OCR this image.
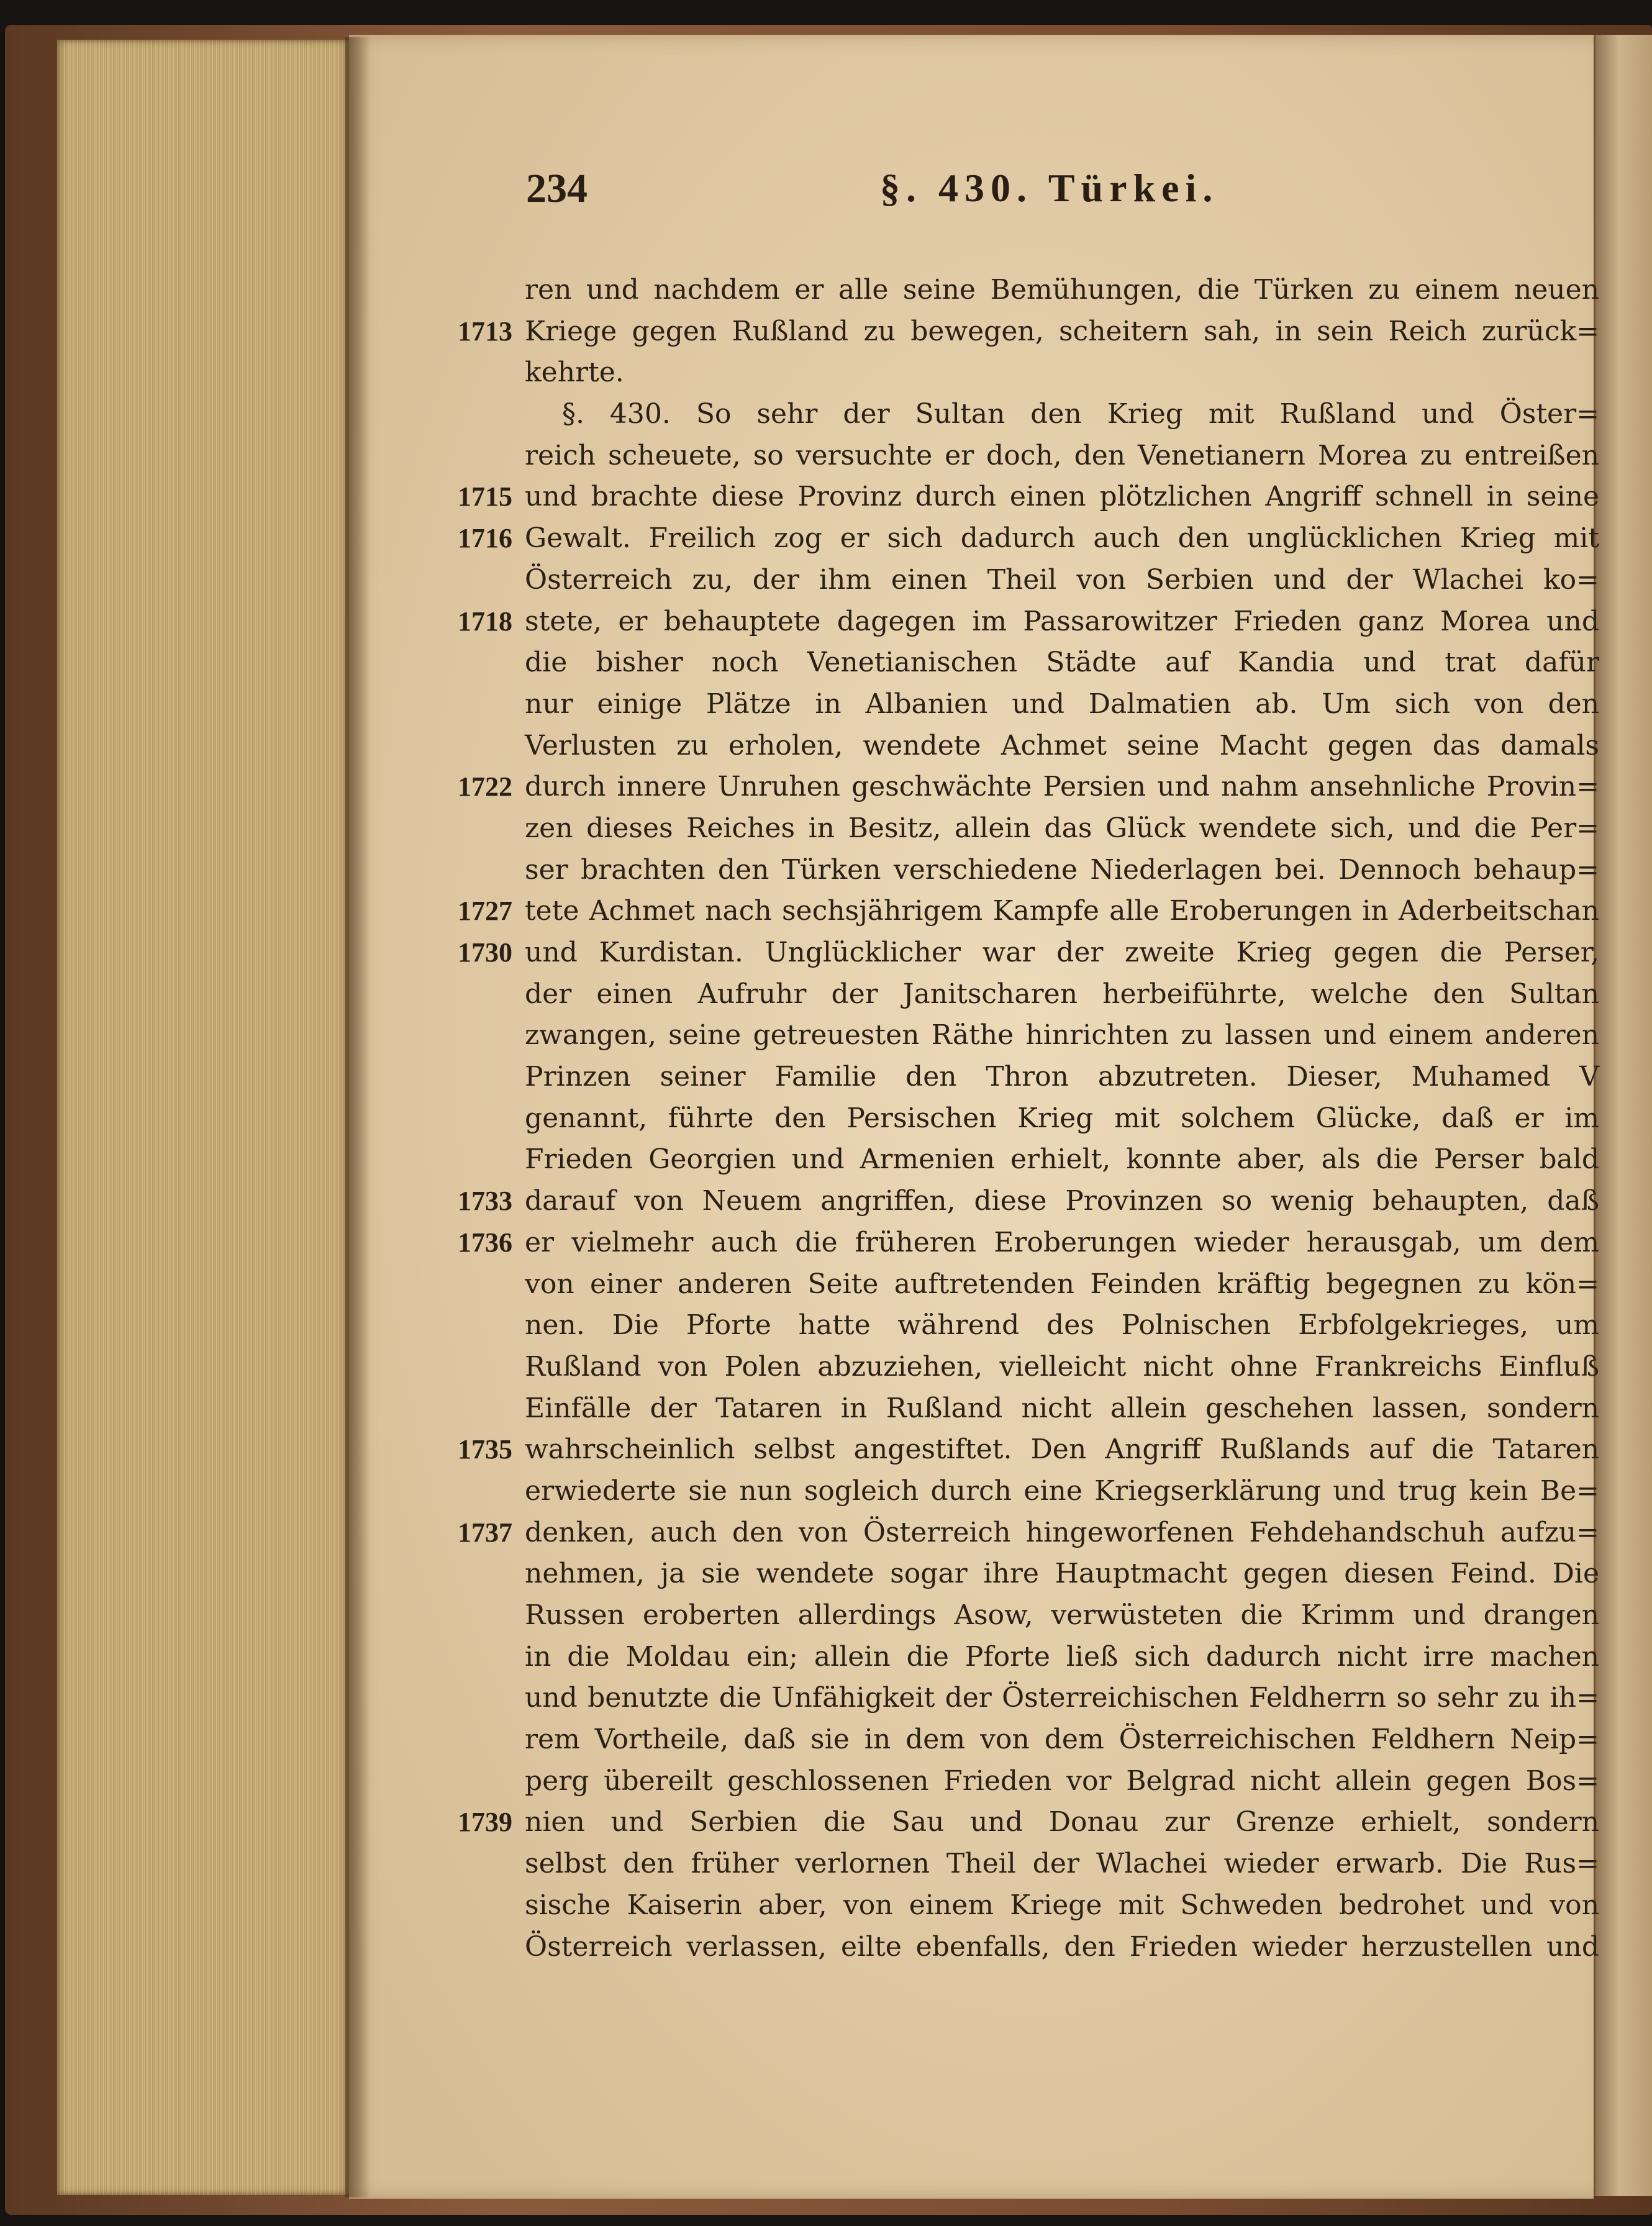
234	§. 430. Türkei.
ren und nachdem er alle seine Bemühungen, die Türken zu einem neuen
1713 Kriege gegen Rußland zu bewegen, scheitern sah, in sein Reich zurück=
kehrte.
§. 430. So sehr der Sultan den Krieg mit Rußland und Öster=
reich scheuete, so versuchte er doch, den Venetianern Morea zu entreißen
1715 und brachte diese Provinz durch einen plötzlichen Angriff schnell in seine
1716 Gewalt. Freilich zog er sich dadurch auch den unglücklichen Krieg mit
Österreich zu, der ihm einen Theil von Serbien und der Wlachei ko=
1718 stete, er behauptete dagegen im Passarowitzer Frieden ganz Morea und
die bisher noch Venetianischen Städte auf Kandia und trat dafür
nur einige Plätze in Albanien und Dalmatien ab. Um sich von den
Verlusten zu erholen, wendete Achmet seine Macht gegen das damals
1722 durch innere Unruhen geschwächte Persien und nahm ansehnliche Provin=
zen dieses Reiches in Besitz, allein das Glück wendete sich, und die Per=
ser brachten den Türken verschiedene Niederlagen bei. Dennoch behaup=
1727 tete Achmet nach sechsjährigem Kampfe alle Eroberungen in Aderbeitschan
1730 und Kurdistan. Unglücklicher war der zweite Krieg gegen die Perser,
der einen Aufruhr der Janitscharen herbeiführte, welche den Sultan
zwangen, seine getreuesten Räthe hinrichten zu lassen und einem anderen
Prinzen seiner Familie den Thron abzutreten. Dieser, Muhamed V
genannt, führte den Persischen Krieg mit solchem Glücke, daß er im
Frieden Georgien und Armenien erhielt, konnte aber, als die Perser bald
1733 darauf von Neuem angriffen, diese Provinzen so wenig behaupten, daß
1736 er vielmehr auch die früheren Eroberungen wieder herausgab, um dem
von einer anderen Seite auftretenden Feinden kräftig begegnen zu kön=
nen. Die Pforte hatte während des Polnischen Erbfolgekrieges, um
Rußland von Polen abzuziehen, vielleicht nicht ohne Frankreichs Einfluß
Einfälle der Tataren in Rußland nicht allein geschehen lassen, sondern
1735 wahrscheinlich selbst angestiftet. Den Angriff Rußlands auf die Tataren
erwiederte sie nun sogleich durch eine Kriegserklärung und trug kein Be=
1737 denken, auch den von Österreich hingeworfenen Fehdehandschuh aufzu=
nehmen, ja sie wendete sogar ihre Hauptmacht gegen diesen Feind. Die
Russen eroberten allerdings Asow, verwüsteten die Krimm und drangen
in die Moldau ein; allein die Pforte ließ sich dadurch nicht irre machen
und benutzte die Unfähigkeit der Österreichischen Feldherrn so sehr zu ih=
rem Vortheile, daß sie in dem von dem Österreichischen Feldhern Neip=
perg übereilt geschlossenen Frieden vor Belgrad nicht allein gegen Bos=
1739 nien und Serbien die Sau und Donau zur Grenze erhielt, sondern
selbst den früher verlornen Theil der Wlachei wieder erwarb. Die Rus=
sische Kaiserin aber, von einem Kriege mit Schweden bedrohet und von
Österreich verlassen, eilte ebenfalls, den Frieden wieder herzustellen und
